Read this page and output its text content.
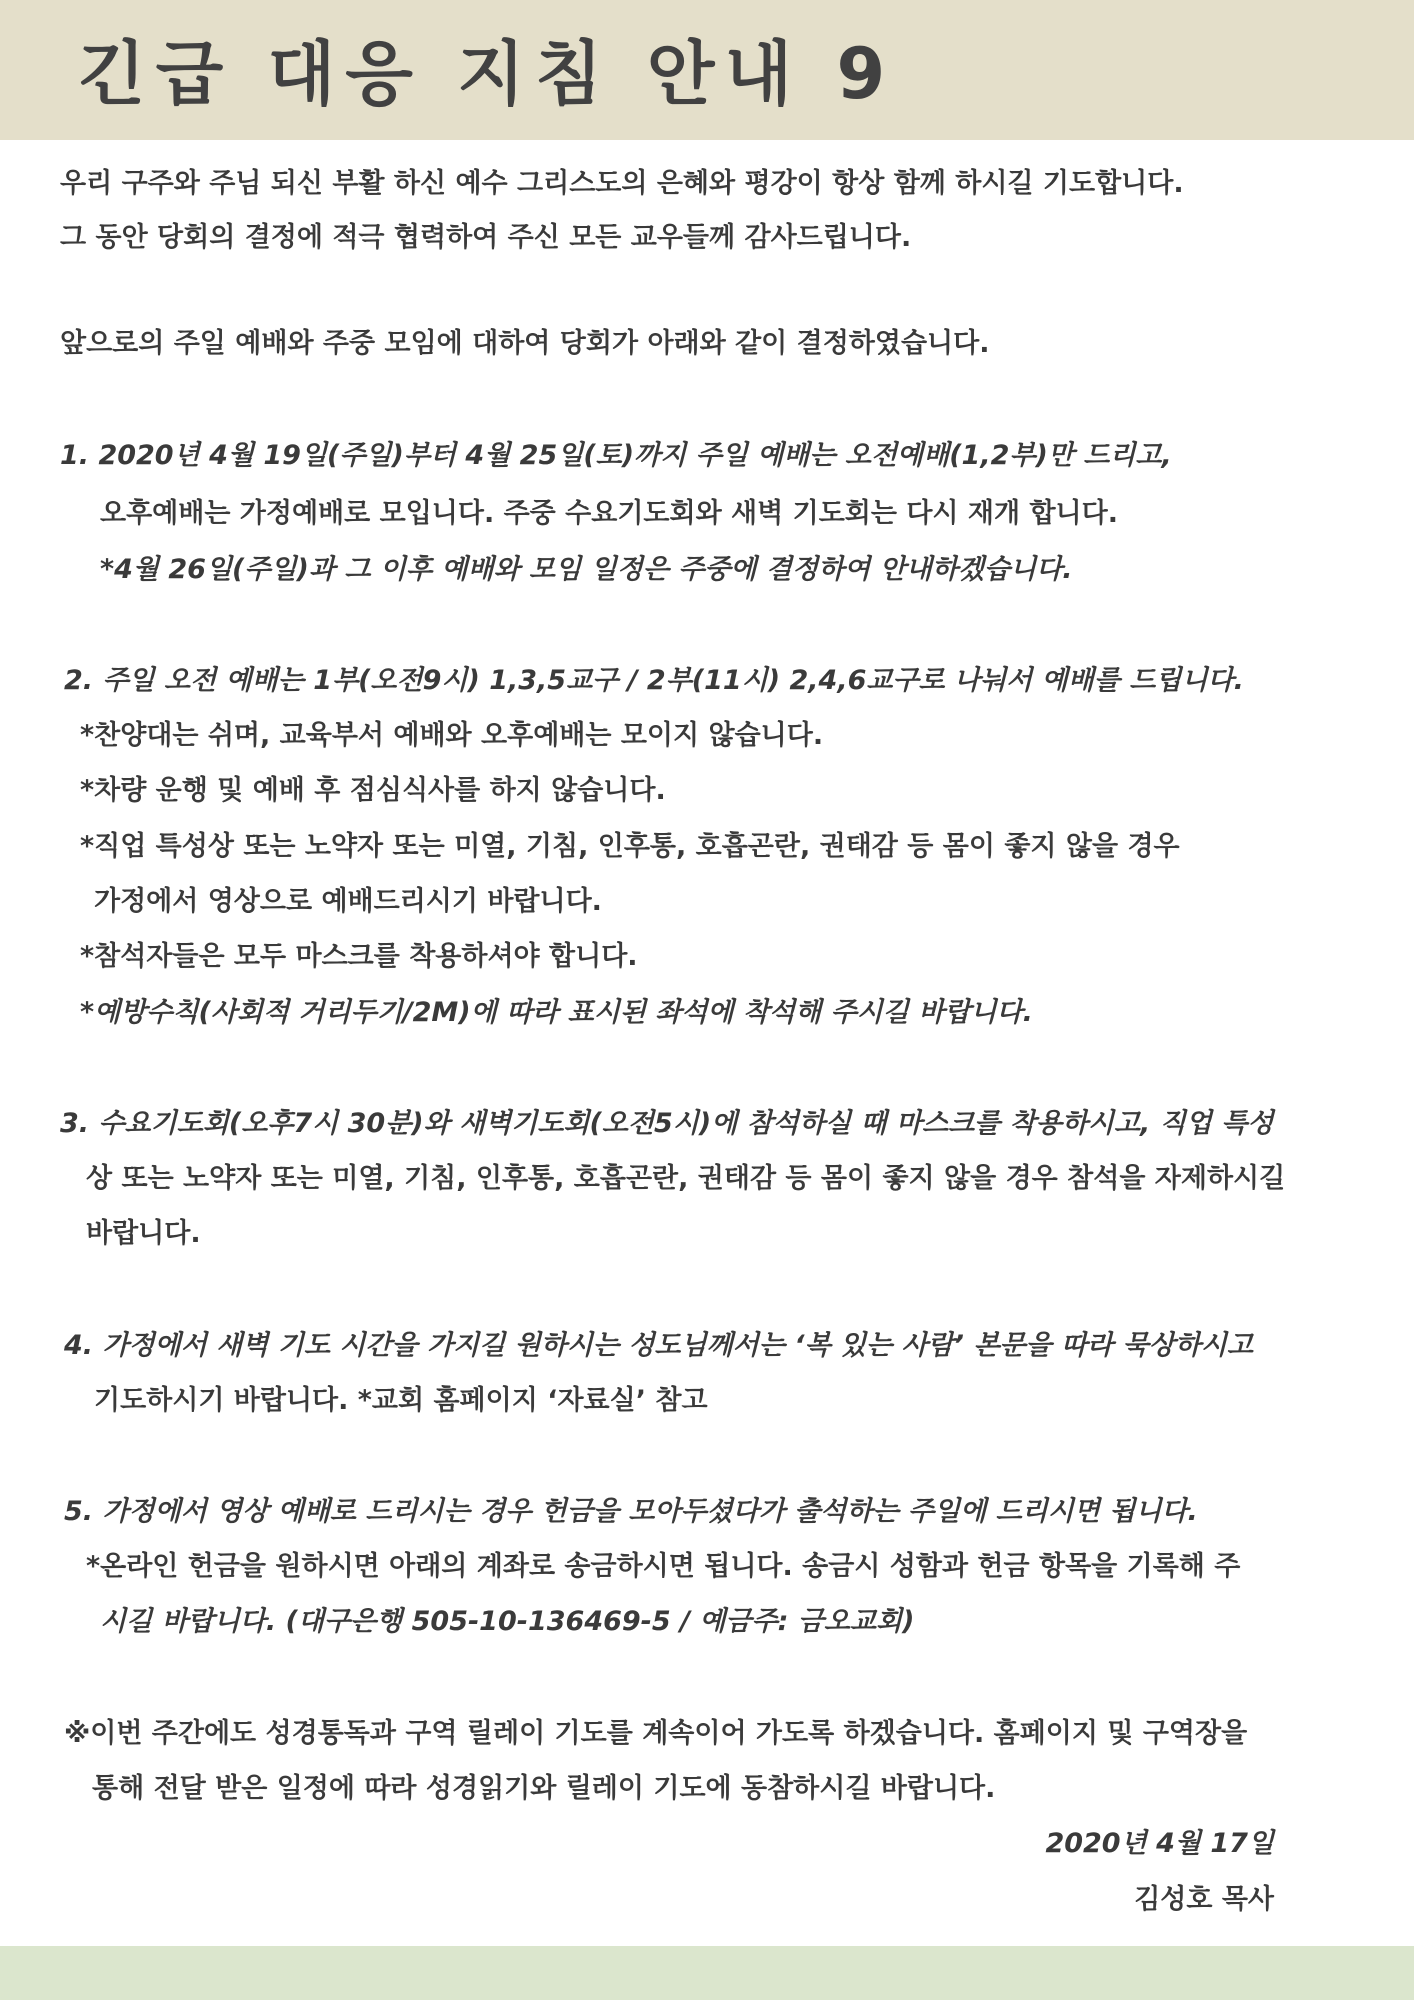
긴급 대응 지침 안내 9

우리 구주와 주님 되신 부활 하신 예수 그리스도의 은혜와 평강이 항상 함께 하시길 기도합니다.

그 동안 당회의 결정에 적극 협력하여 주신 모든 교우들께 감사드립니다.

앞으로의 주일 예배와 주중 모임에 대하여 당회가 아래와 같이 결정하였습니다.

1. 2020년 4월 19일(주일)부터 4월 25일(토)까지 주일 예배는 오전예배(1,2부)만 드리고,

오후예배는 가정예배로 모입니다. 주중 수요기도회와 새벽 기도회는 다시 재개 합니다.

*4월 26일(주일)과 그 이후 예배와 모임 일정은 주중에 결정하여 안내하겠습니다.

2. 주일 오전 예배는 1부(오전9시) 1,3,5교구 / 2부(11시) 2,4,6교구로 나눠서 예배를 드립니다.

*찬양대는 쉬며, 교육부서 예배와 오후예배는 모이지 않습니다.

*차량 운행 및 예배 후 점심식사를 하지 않습니다.

*직업 특성상 또는 노약자 또는 미열, 기침, 인후통, 호흡곤란, 권태감 등 몸이 좋지 않을 경우

가정에서 영상으로 예배드리시기 바랍니다.

*참석자들은 모두 마스크를 착용하셔야 합니다.

*예방수칙(사회적 거리두기/2M)에 따라 표시된 좌석에 착석해 주시길 바랍니다.

3. 수요기도회(오후7시 30분)와 새벽기도회(오전5시)에 참석하실 때 마스크를 착용하시고, 직업 특성

상 또는 노약자 또는 미열, 기침, 인후통, 호흡곤란, 권태감 등 몸이 좋지 않을 경우 참석을 자제하시길

바랍니다.

4. 가정에서 새벽 기도 시간을 가지길 원하시는 성도님께서는 ‘복 있는 사람’ 본문을 따라 묵상하시고

기도하시기 바랍니다. *교회 홈페이지 ‘자료실’ 참고

5. 가정에서 영상 예배로 드리시는 경우 헌금을 모아두셨다가 출석하는 주일에 드리시면 됩니다.

*온라인 헌금을 원하시면 아래의 계좌로 송금하시면 됩니다. 송금시 성함과 헌금 항목을 기록해 주

시길 바랍니다. (대구은행 505-10-136469-5 / 예금주: 금오교회)

※이번 주간에도 성경통독과 구역 릴레이 기도를 계속이어 가도록 하겠습니다. 홈페이지 및 구역장을

통해 전달 받은 일정에 따라 성경읽기와 릴레이 기도에 동참하시길 바랍니다.

2020년 4월 17일

김성호 목사
